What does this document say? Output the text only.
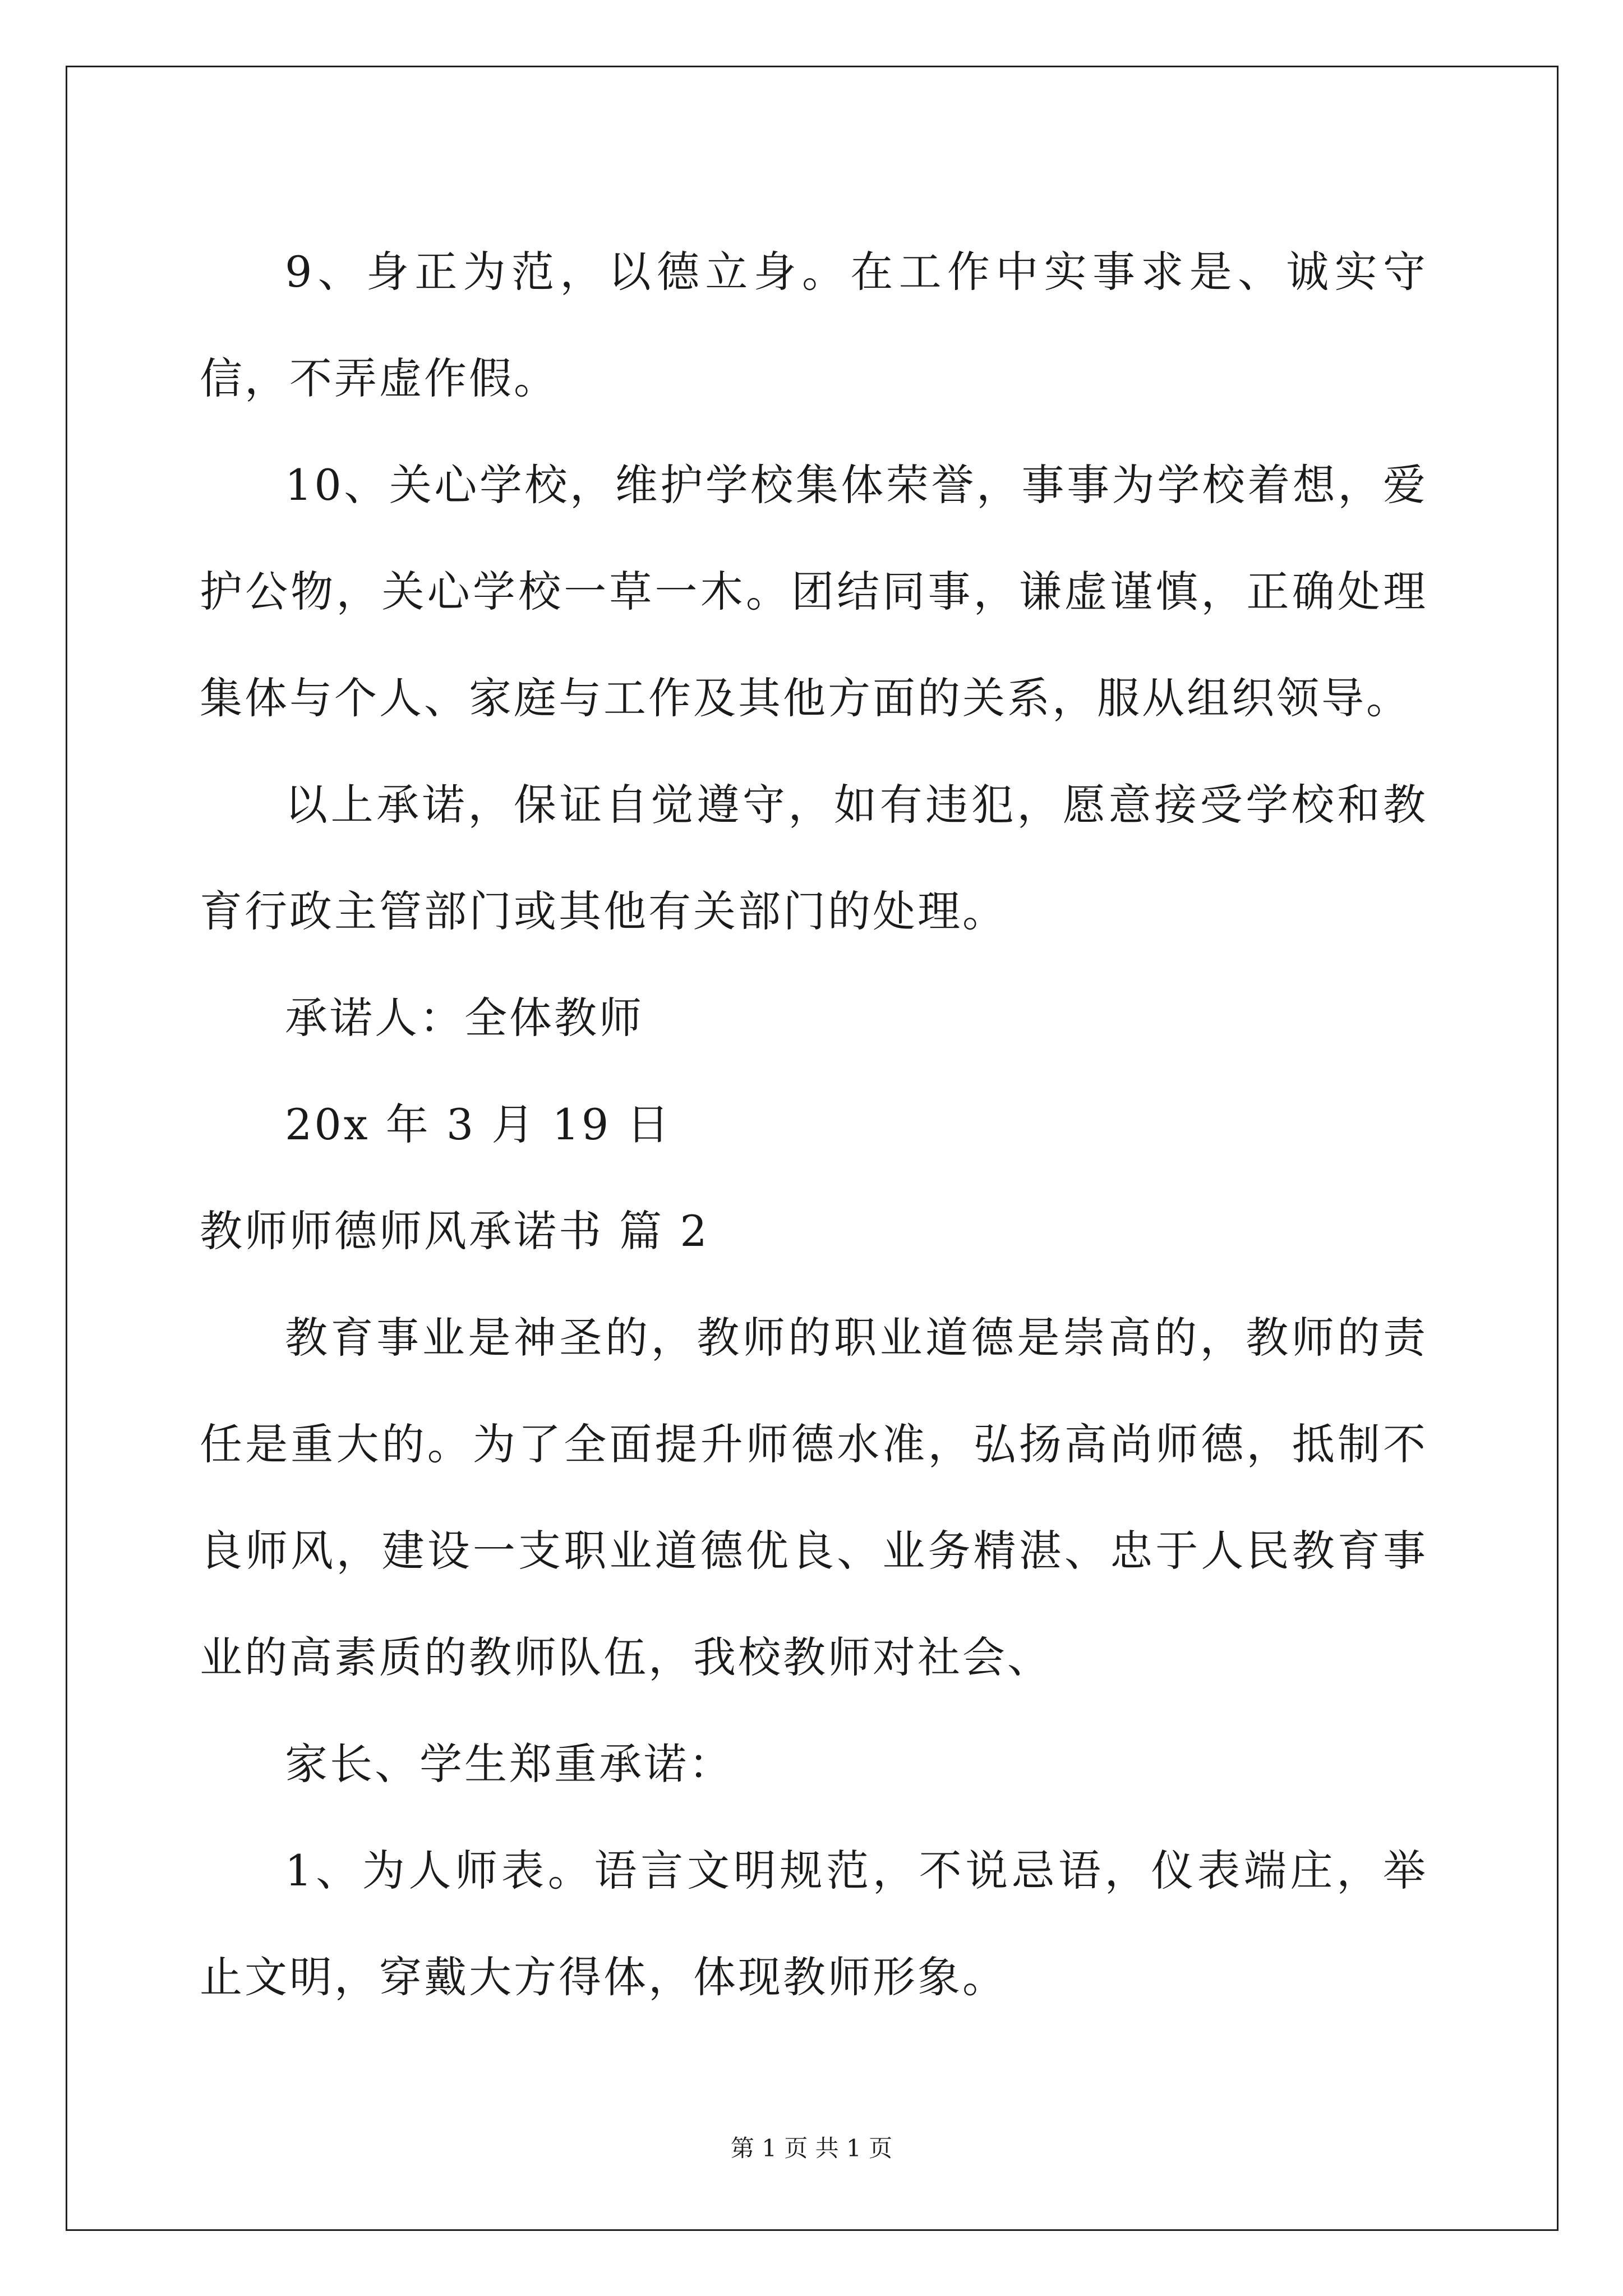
9、身正为范，以德立身。在工作中实事求是、诚实守信，不弄虚作假。

10、关心学校，维护学校集体荣誉，事事为学校着想，爱护公物，关心学校一草一木。团结同事，谦虚谨慎，正确处理集体与个人、家庭与工作及其他方面的关系，服从组织领导。

以上承诺，保证自觉遵守，如有违犯，愿意接受学校和教育行政主管部门或其他有关部门的处理。

承诺人：全体教师

20x 年 3 月 19 日

教师师德师风承诺书 篇 2

教育事业是神圣的，教师的职业道德是崇高的，教师的责任是重大的。为了全面提升师德水准，弘扬高尚师德，抵制不良师风，建设一支职业道德优良、业务精湛、忠于人民教育事业的高素质的教师队伍，我校教师对社会、

家长、学生郑重承诺：

1、为人师表。语言文明规范，不说忌语，仪表端庄，举止文明，穿戴大方得体，体现教师形象。

第 1 页 共 1 页
